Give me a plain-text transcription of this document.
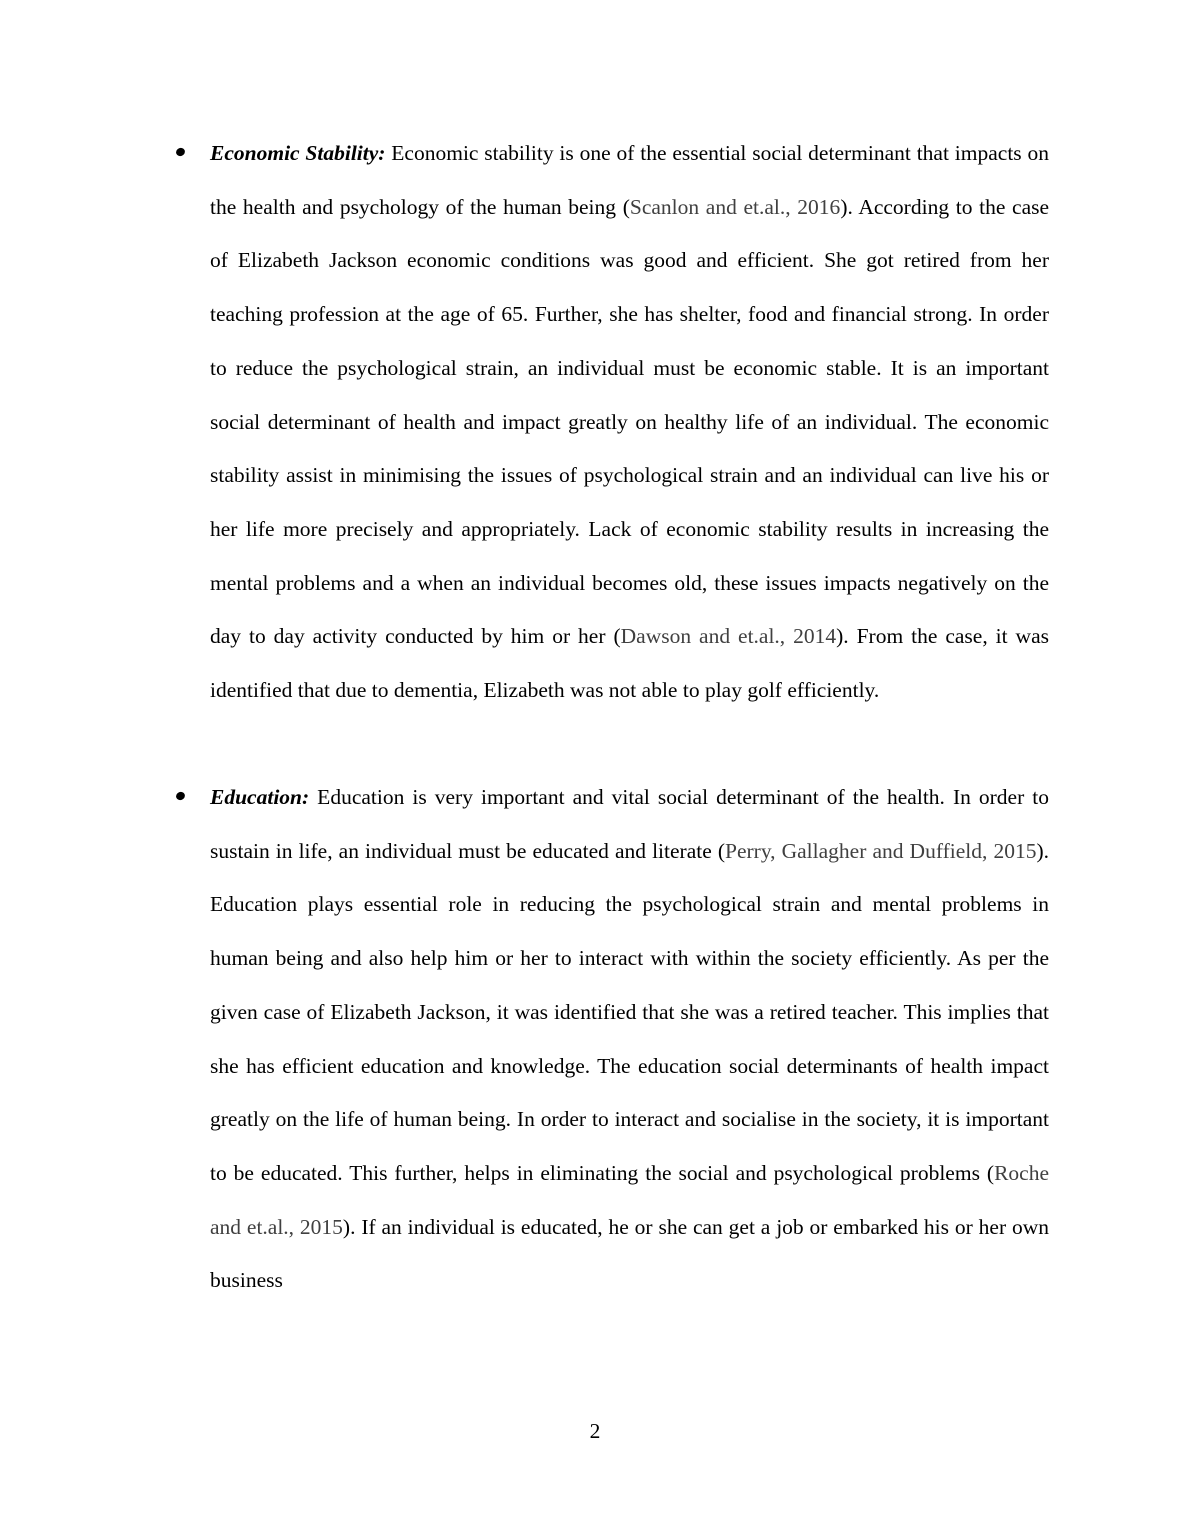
Economic Stability: Economic stability is one of the essential social determinant that impacts on the health and psychology of the human being (Scanlon and et.al., 2016). According to the case of Elizabeth Jackson economic conditions was good and efficient. She got retired from her teaching profession at the age of 65. Further, she has shelter, food and financial strong. In order to reduce the psychological strain, an individual must be economic stable. It is an important social determinant of health and impact greatly on healthy life of an individual. The economic stability assist in minimising the issues of psychological strain and an individual can live his or her life more precisely and appropriately. Lack of economic stability results in increasing the mental problems and a when an individual becomes old, these issues impacts negatively on the day to day activity conducted by him or her (Dawson and et.al., 2014). From the case, it was identified that due to dementia, Elizabeth was not able to play golf efficiently.
Education: Education is very important and vital social determinant of the health. In order to sustain in life, an individual must be educated and literate (Perry, Gallagher and Duffield, 2015). Education plays essential role in reducing the psychological strain and mental problems in human being and also help him or her to interact with within the society efficiently. As per the given case of Elizabeth Jackson, it was identified that she was a retired teacher. This implies that she has efficient education and knowledge. The education social determinants of health impact greatly on the life of human being. In order to interact and socialise in the society, it is important to be educated. This further, helps in eliminating the social and psychological problems (Roche and et.al., 2015). If an individual is educated, he or she can get a job or embarked his or her own business
2
